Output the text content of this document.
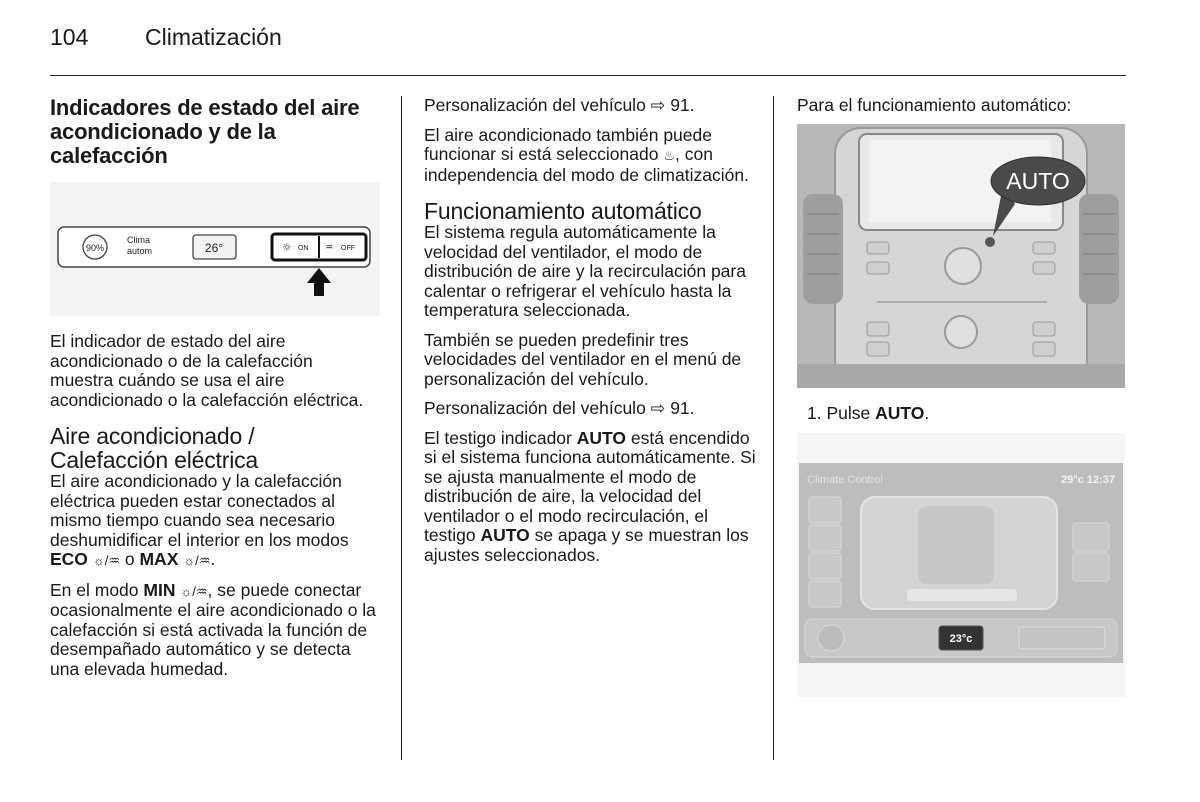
104 Climatización
Indicadores de estado del aire acondicionado y de la calefacción
90%
Clima
autom	26°	☼ ON ♒ OFF

El indicador de estado del aire acondicionado o de la calefacción muestra cuándo se usa el aire acondicionado o la calefacción eléctrica.

Aire acondicionado /
Calefacción eléctrica

El aire acondicionado y la calefacción eléctrica pueden estar conectados al mismo tiempo cuando sea necesario deshumidificar el interior en los modos ECO ☼/♒ o MAX ☼/♒.

En el modo MIN ☼/♒, se puede conectar ocasionalmente el aire acondicionado o la calefacción si está activada la función de desempañado automático y se detecta una elevada humedad.

Personalización del vehículo ⇨ 91.

El aire acondicionado también puede funcionar si está seleccionado ♨, con independencia del modo de climatización.

Funcionamiento automático

El sistema regula automáticamente la velocidad del ventilador, el modo de distribución de aire y la recirculación para calentar o refrigerar el vehículo hasta la temperatura seleccionada.

También se pueden predefinir tres velocidades del ventilador en el menú de personalización del vehículo.

Personalización del vehículo ⇨ 91.

El testigo indicador AUTO está encendido si el sistema funciona automáticamente. Si se ajusta manualmente el modo de distribución de aire, la velocidad del ventilador o el modo recirculación, el testigo AUTO se apaga y se muestran los ajustes seleccionados.

Para el funcionamiento automático:

AUTO

1. Pulse AUTO.

Climate Control	29°c 12:37
23°c
